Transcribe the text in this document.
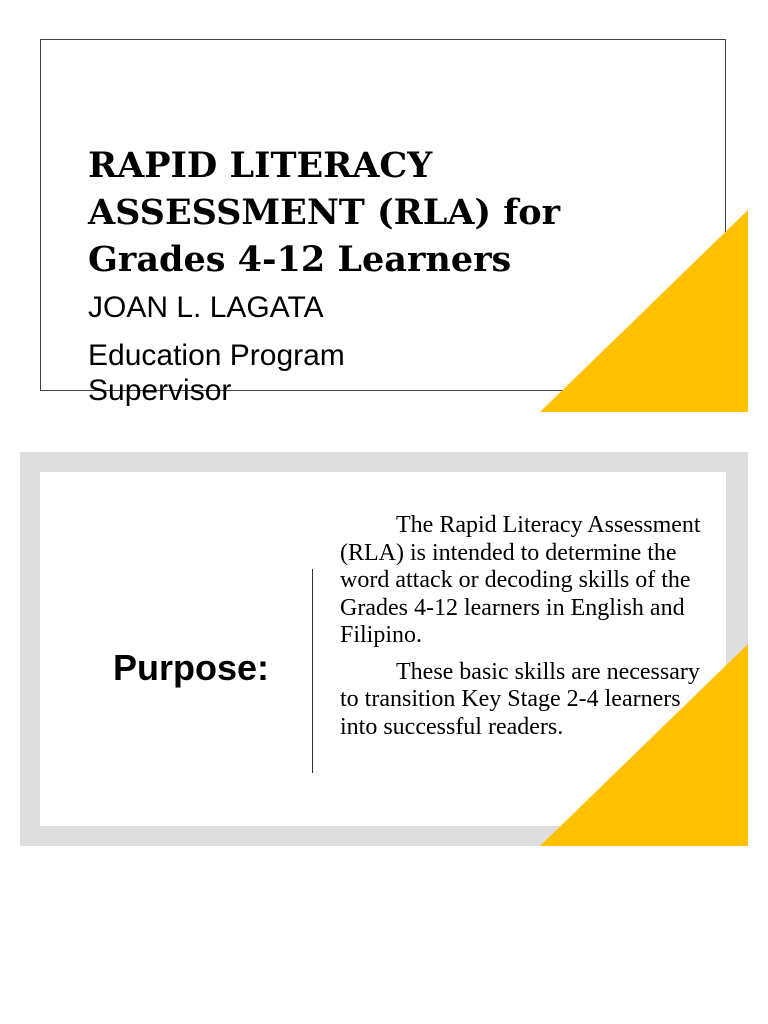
RAPID LITERACY
ASSESSMENT (RLA) for
Grades 4-12 Learners

JOAN L. LAGATA

Education Program Supervisor

Purpose:

The Rapid Literacy Assessment (RLA) is intended to determine the word attack or decoding skills of the Grades 4-12 learners in English and Filipino.

These basic skills are necessary to transition Key Stage 2-4 learners into successful readers.
